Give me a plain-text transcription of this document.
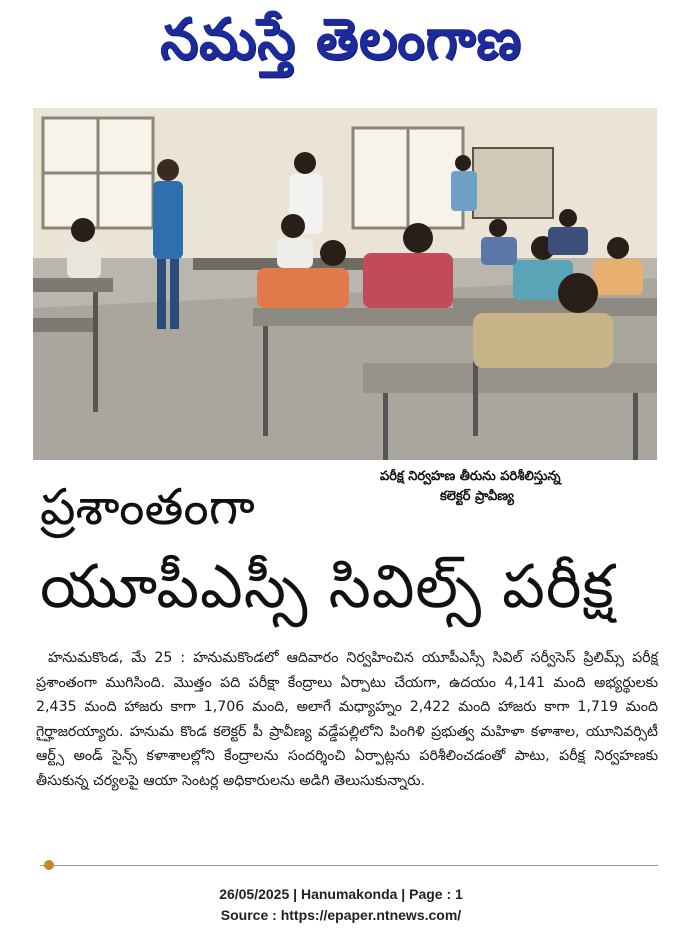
నమస్తే తెలంగాణ
పరీక్ష నిర్వహణ తీరును పరిశీలిస్తున్న
కలెక్టర్ ప్రావీణ్య
ప్రశాంతంగా
యూపీఎస్సీ సివిల్స్ పరీక్ష
హనుమకొండ, మే 25 : హనుమకొండలో ఆదివారం నిర్వహించిన యూపీఎస్సీ సివిల్ సర్వీసెస్ ప్రిలిమ్స్ పరీక్ష ప్రశాంతంగా ముగిసింది. మొత్తం పది పరీక్షా కేంద్రాలు ఏర్పాటు చేయగా, ఉదయం 4,141 మంది అభ్యర్థులకు 2,435 మంది హాజరు కాగా 1,706 మంది, అలాగే మధ్యాహ్నం 2,422 మంది హాజరు కాగా 1,719 మంది గైర్హాజరయ్యారు. హనుమ కొండ కలెక్టర్ పీ ప్రావీణ్య వడ్డేపల్లిలోని పింగిళి ప్రభుత్వ మహిళా కళాశాల, యూనివర్సిటీ ఆర్ట్స్ అండ్ సైన్స్ కళాశాలల్లోని కేంద్రాలను సందర్శించి ఏర్పాట్లను పరిశీలించడంతో పాటు, పరీక్ష నిర్వహణకు తీసుకున్న చర్యలపై ఆయా సెంటర్ల అధికారులను అడిగి తెలుసుకున్నారు.
26/05/2025 | Hanumakonda | Page : 1
Source : https://epaper.ntnews.com/
